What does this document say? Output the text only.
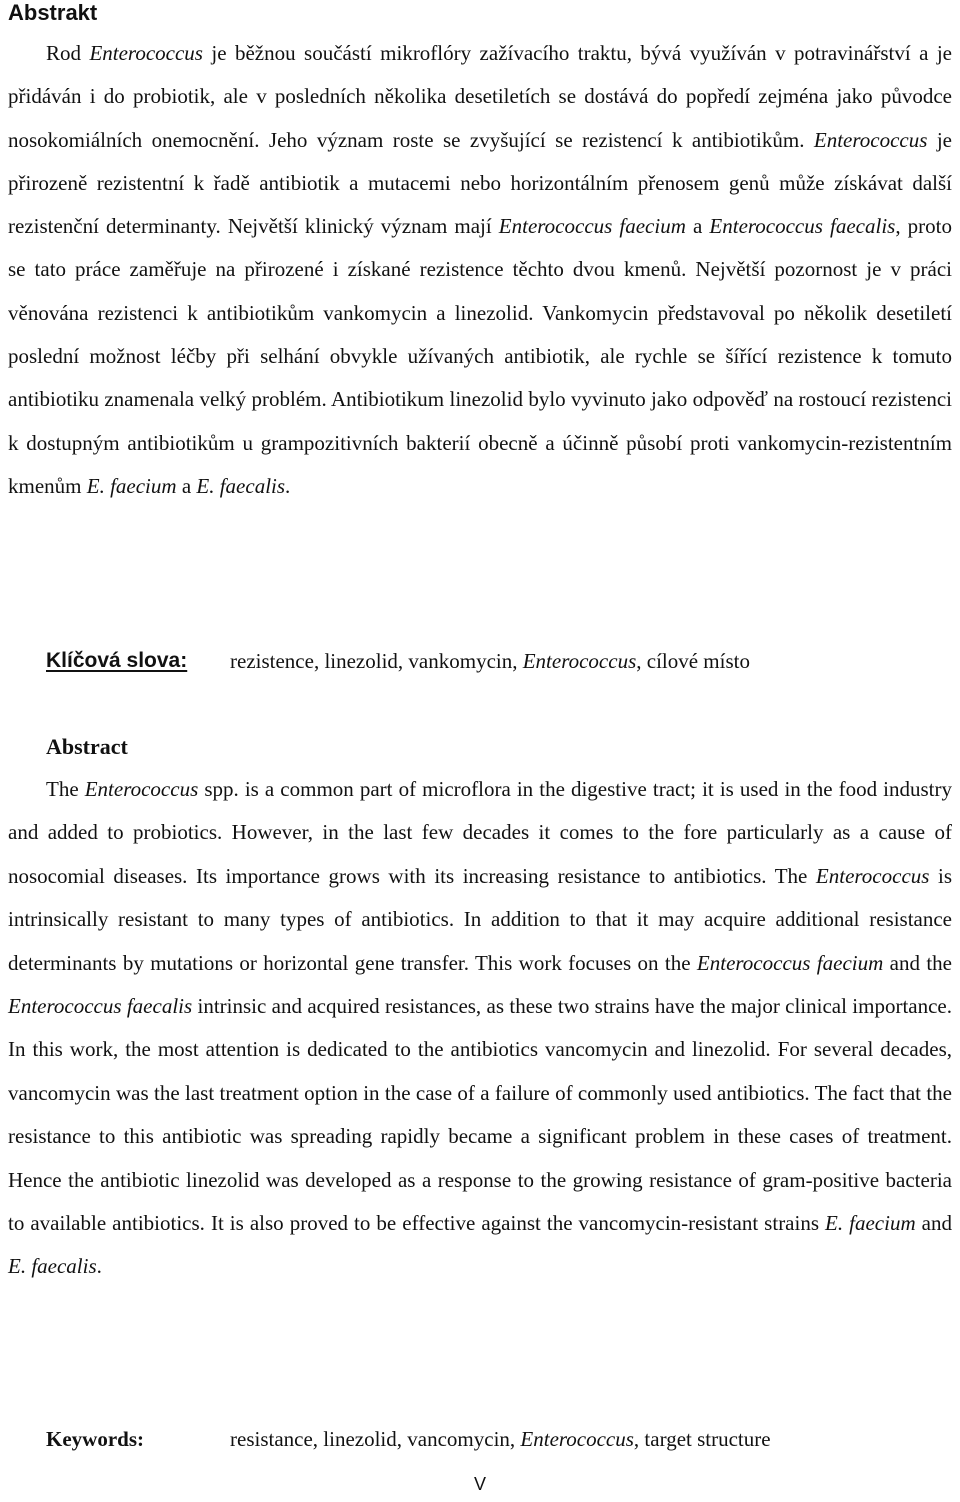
Abstrakt
Rod Enterococcus je běžnou součástí mikroflóry zažívacího traktu, bývá využíván v potravinářství a je přidáván i do probiotik, ale v posledních několika desetiletích se dostává do popředí zejména jako původce nosokomiálních onemocnění. Jeho význam roste se zvyšující se rezistencí k antibiotikům. Enterococcus je přirozeně rezistentní k řadě antibiotik a mutacemi nebo horizontálním přenosem genů může získávat další rezistenční determinanty. Největší klinický význam mají Enterococcus faecium a Enterococcus faecalis, proto se tato práce zaměřuje na přirozené i získané rezistence těchto dvou kmenů. Největší pozornost je v práci věnována rezistenci k antibiotikům vankomycin a linezolid. Vankomycin představoval po několik desetiletí poslední možnost léčby při selhání obvykle užívaných antibiotik, ale rychle se šířící rezistence k tomuto antibiotiku znamenala velký problém. Antibiotikum linezolid bylo vyvinuto jako odpověď na rostoucí rezistenci k dostupným antibiotikům u grampozitivních bakterií obecně a účinně působí proti vankomycin-rezistentním kmenům E. faecium a E. faecalis.
Klíčová slova: rezistence, linezolid, vankomycin, Enterococcus, cílové místo
Abstract
The Enterococcus spp. is a common part of microflora in the digestive tract; it is used in the food industry and added to probiotics. However, in the last few decades it comes to the fore particularly as a cause of nosocomial diseases. Its importance grows with its increasing resistance to antibiotics. The Enterococcus is intrinsically resistant to many types of antibiotics. In addition to that it may acquire additional resistance determinants by mutations or horizontal gene transfer. This work focuses on the Enterococcus faecium and the Enterococcus faecalis intrinsic and acquired resistances, as these two strains have the major clinical importance. In this work, the most attention is dedicated to the antibiotics vancomycin and linezolid. For several decades, vancomycin was the last treatment option in the case of a failure of commonly used antibiotics. The fact that the resistance to this antibiotic was spreading rapidly became a significant problem in these cases of treatment. Hence the antibiotic linezolid was developed as a response to the growing resistance of gram-positive bacteria to available antibiotics. It is also proved to be effective against the vancomycin-resistant strains E. faecium and E. faecalis.
Keywords:	resistance, linezolid, vancomycin, Enterococcus, target structure
V
